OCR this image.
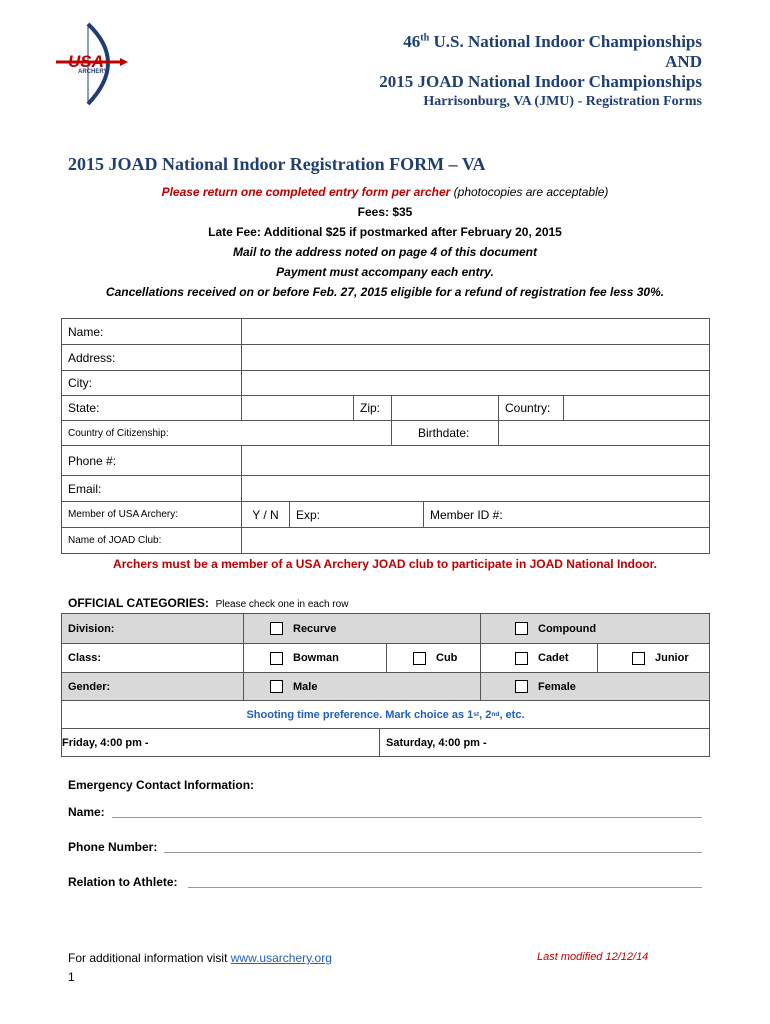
USA
ARCHERY
46th U.S. National Indoor Championships
AND
2015 JOAD National Indoor Championships
Harrisonburg, VA (JMU) - Registration Forms
2015 JOAD National Indoor Registration FORM – VA
Please return one completed entry form per archer (photocopies are acceptable)
Fees: $35
Late Fee: Additional $25 if postmarked after February 20, 2015
Mail to the address noted on page 4 of this document
Payment must accompany each entry.
Cancellations received on or before Feb. 27, 2015 eligible for a refund of registration fee less 30%.
Name:
Address:
City:
State:	Zip:	Country:
Country of Citizenship:	Birthdate:
Phone #:
Email:
Member of USA Archery:	Y / N	Exp:	Member ID #:
Name of JOAD Club:
Archers must be a member of a USA Archery JOAD club to participate in JOAD National Indoor.
OFFICIAL CATEGORIES: Please check one in each row
Division:	Recurve	Compound
Class:	Bowman	Cub	Cadet	Junior
Gender:	Male	Female
Shooting time preference. Mark choice as 1 st , 2 nd , etc.
Friday, 4:00 pm -	Saturday, 4:00 pm -
Emergency Contact Information:
Name:
Phone Number:
Relation to Athlete:
For additional information visit www.usarchery.org	Last modified 12/12/14
1
